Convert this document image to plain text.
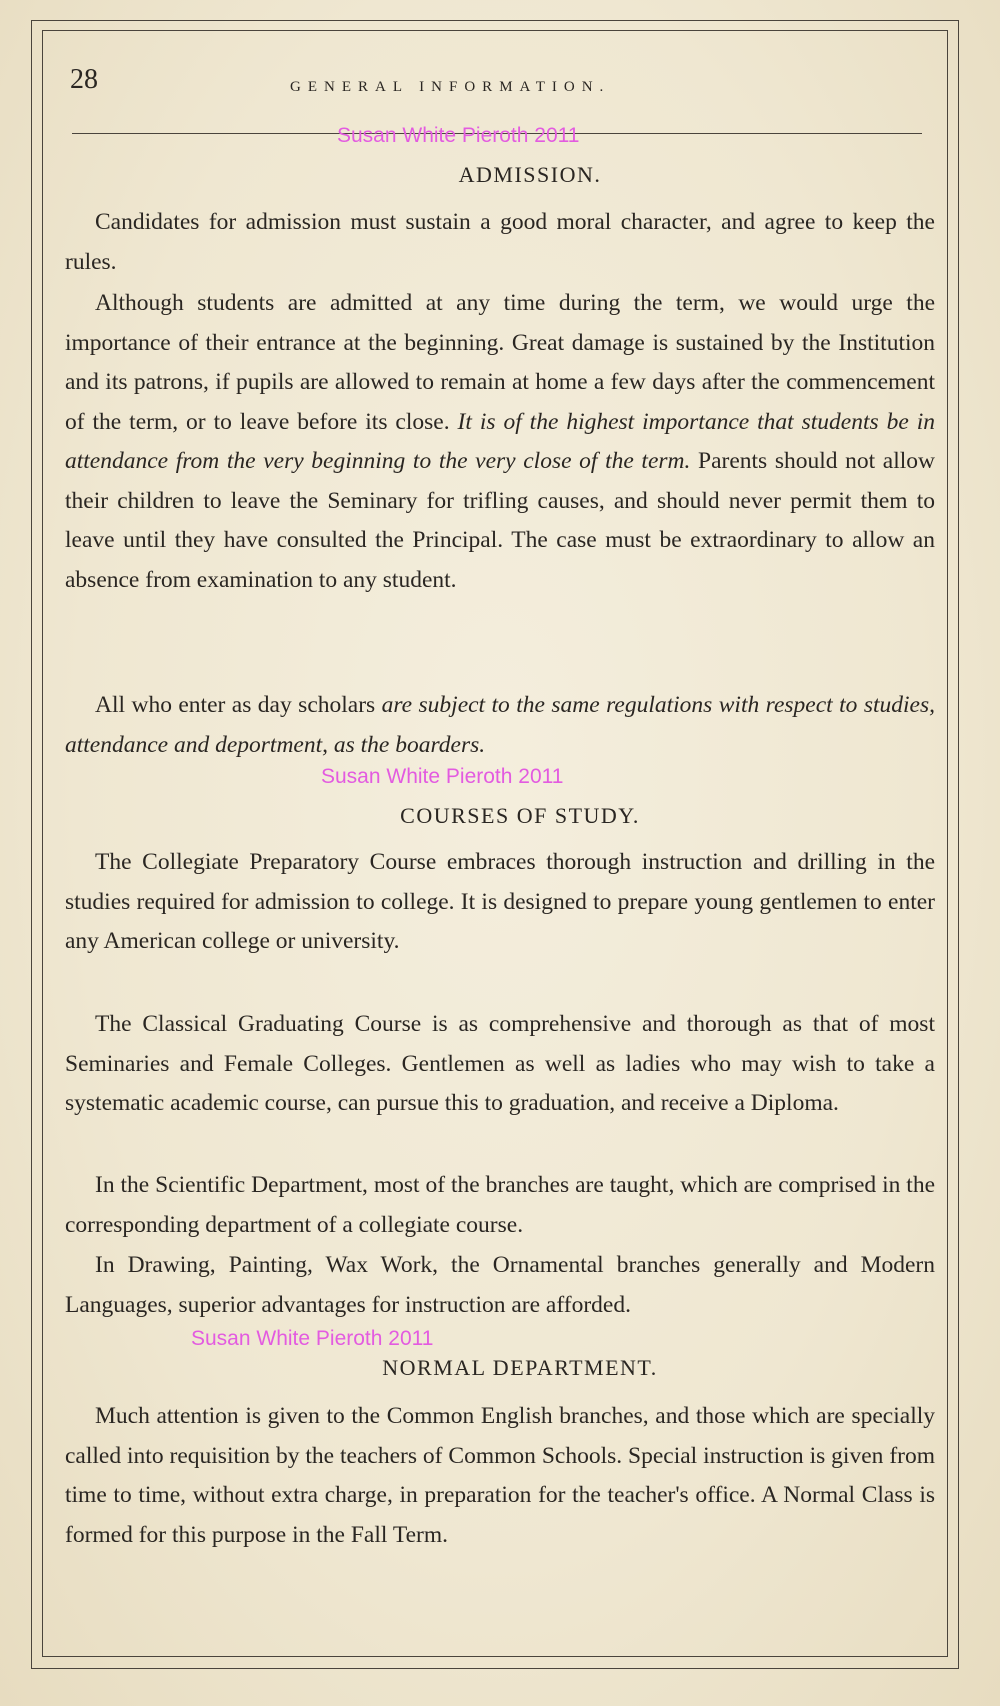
28	GENERAL INFORMATION.
Susan White Pieroth 2011
ADMISSION.

Candidates for admission must sustain a good moral character, and agree to keep the rules.

Although students are admitted at any time during the term, we would urge the importance of their entrance at the beginning. Great damage is sustained by the Institution and its patrons, if pupils are allowed to remain at home a few days after the commencement of the term, or to leave before its close. It is of the highest importance that students be in attendance from the very beginning to the very close of the term. Parents should not allow their children to leave the Seminary for trifling causes, and should never permit them to leave until they have consulted the Principal. The case must be extraordinary to allow an absence from examination to any student.

All who enter as day scholars are subject to the same regulations with respect to studies, attendance and deportment, as the boarders.

Susan White Pieroth 2011
COURSES OF STUDY.

The Collegiate Preparatory Course embraces thorough instruction and drilling in the studies required for admission to college. It is designed to prepare young gentlemen to enter any American college or university.

The Classical Graduating Course is as comprehensive and thorough as that of most Seminaries and Female Colleges. Gentlemen as well as ladies who may wish to take a systematic academic course, can pursue this to graduation, and receive a Diploma.

In the Scientific Department, most of the branches are taught, which are comprised in the corresponding department of a collegiate course.

In Drawing, Painting, Wax Work, the Ornamental branches generally and Modern Languages, superior advantages for instruction are afforded.

Susan White Pieroth 2011
NORMAL DEPARTMENT.

Much attention is given to the Common English branches, and those which are specially called into requisition by the teachers of Common Schools. Special instruction is given from time to time, without extra charge, in preparation for the teacher's office. A Normal Class is formed for this purpose in the Fall Term.
